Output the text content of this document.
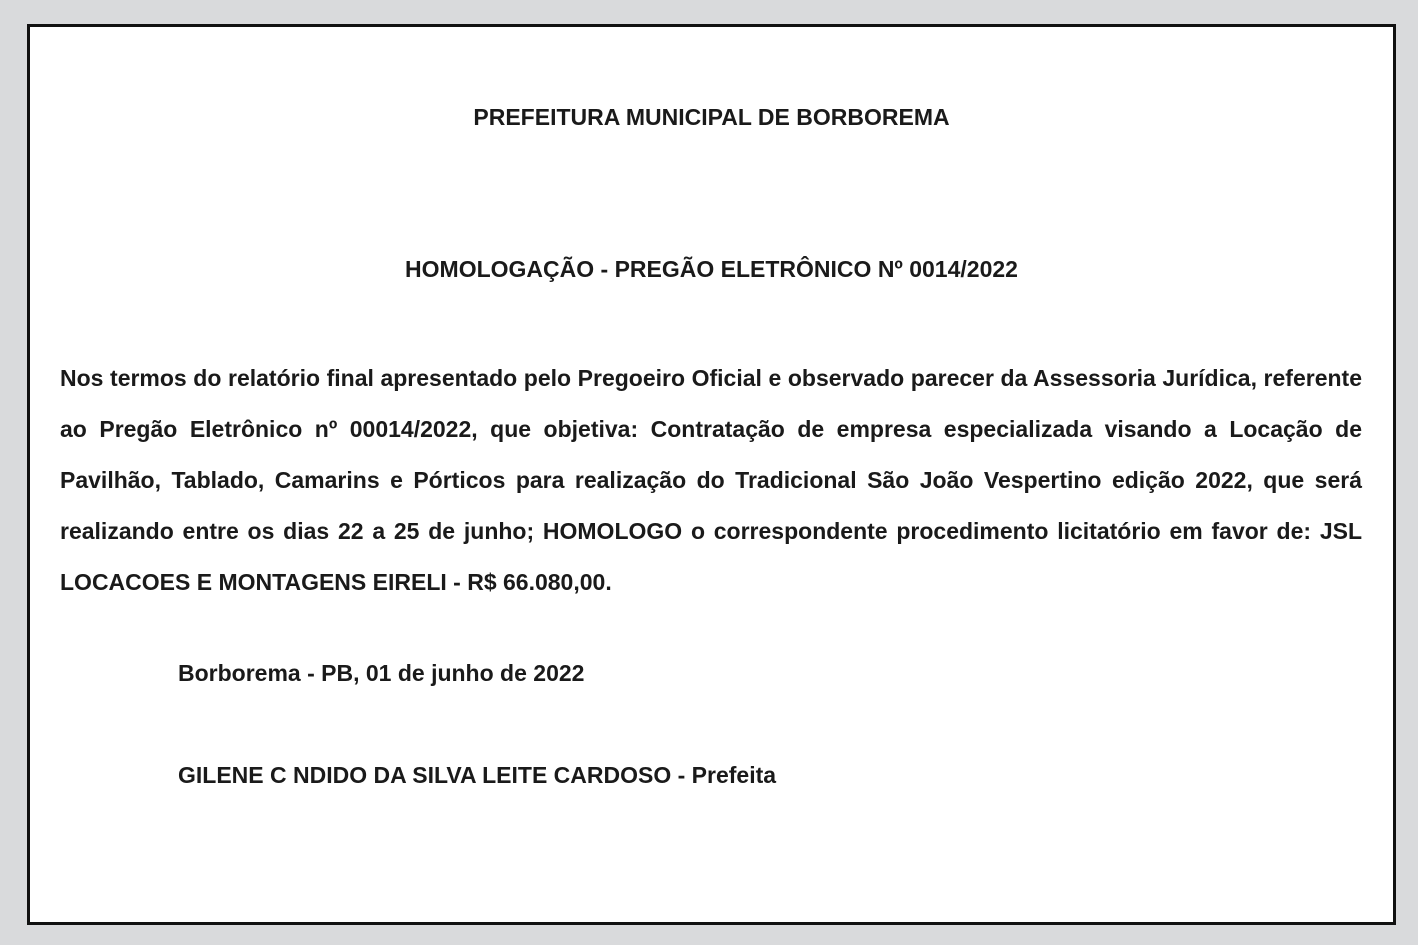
PREFEITURA MUNICIPAL DE BORBOREMA
HOMOLOGAÇÃO - PREGÃO ELETRÔNICO Nº 0014/2022

Nos termos do relatório final apresentado pelo Pregoeiro Oficial e observado parecer da Assessoria Jurídica, referente ao Pregão Eletrônico nº 00014/2022, que objetiva: Contratação de empresa especializada visando a Locação de Pavilhão, Tablado, Camarins e Pórticos para realização do Tradicional São João Vespertino edição 2022, que será realizando entre os dias 22 a 25 de junho; HOMOLOGO o correspondente procedimento licitatório em favor de: JSL LOCACOES E MONTAGENS EIRELI - R$ 66.080,00.

Borborema - PB, 01 de junho de 2022

GILENE C NDIDO DA SILVA LEITE CARDOSO - Prefeita
